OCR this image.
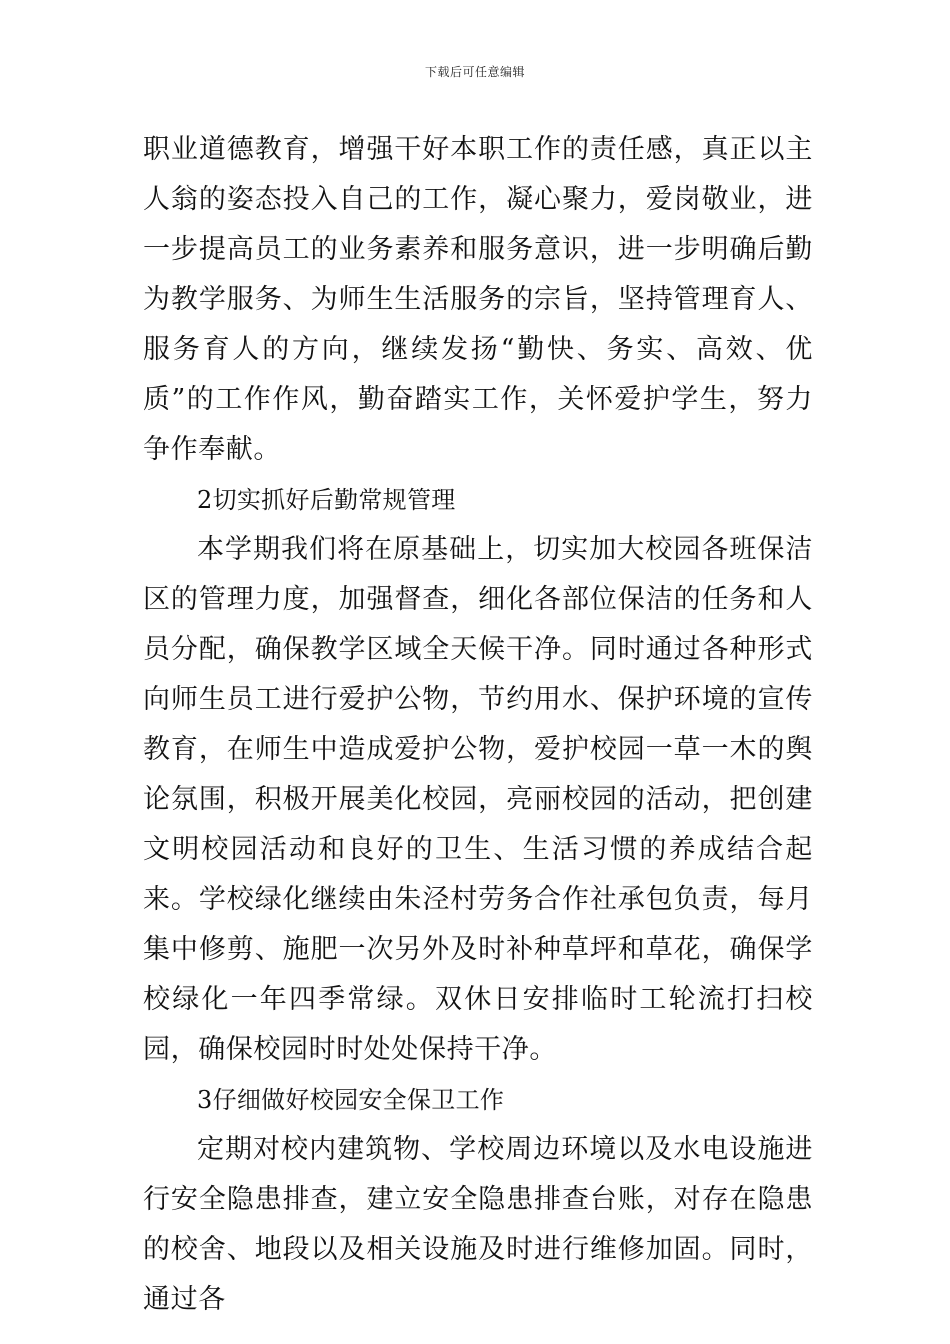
下载后可任意编辑

职业道德教育，增强干好本职工作的责任感，真正以主人翁的姿态投入自己的工作，凝心聚力，爱岗敬业，进一步提高员工的业务素养和服务意识，进一步明确后勤为教学服务、为师生生活服务的宗旨，坚持管理育人、服务育人的方向，继续发扬“勤快、务实、高效、优质”的工作作风，勤奋踏实工作，关怀爱护学生，努力争作奉献。

2切实抓好后勤常规管理

本学期我们将在原基础上，切实加大校园各班保洁区的管理力度，加强督查，细化各部位保洁的任务和人员分配，确保教学区域全天候干净。同时通过各种形式向师生员工进行爱护公物，节约用水、保护环境的宣传教育，在师生中造成爱护公物，爱护校园一草一木的舆论氛围，积极开展美化校园，亮丽校园的活动，把创建文明校园活动和良好的卫生、生活习惯的养成结合起来。学校绿化继续由朱泾村劳务合作社承包负责，每月集中修剪、施肥一次另外及时补种草坪和草花，确保学校绿化一年四季常绿。双休日安排临时工轮流打扫校园，确保校园时时处处保持干净。

3仔细做好校园安全保卫工作

定期对校内建筑物、学校周边环境以及水电设施进行安全隐患排查，建立安全隐患排查台账，对存在隐患的校舍、地段以及相关设施及时进行维修加固。同时，通过各
